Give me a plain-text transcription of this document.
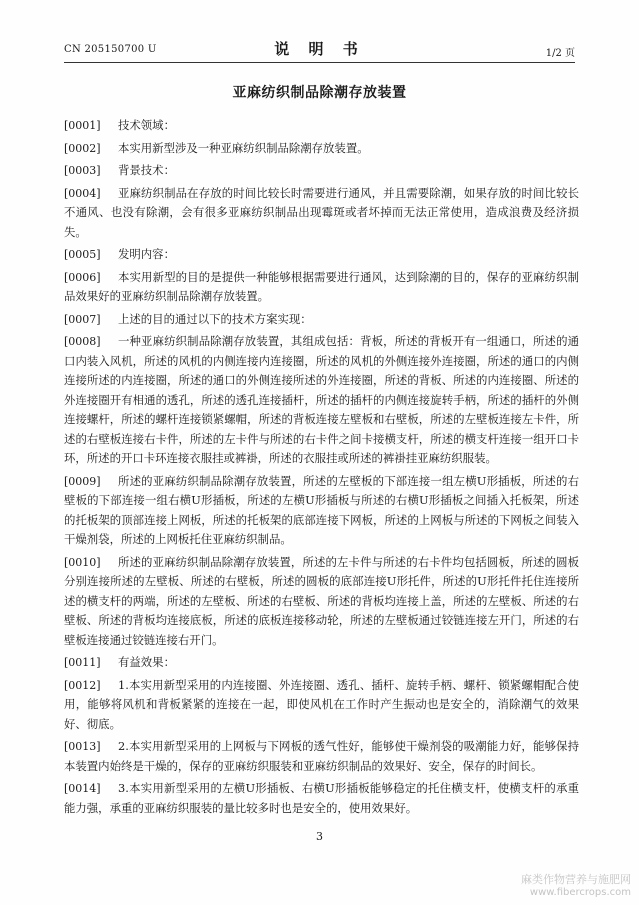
CN 205150700 U	说 明 书	1/2 页
亚麻纺织制品除潮存放装置

[0001] 技术领域：

[0002] 本实用新型涉及一种亚麻纺织制品除潮存放装置。

[0003] 背景技术：

[0004] 亚麻纺织制品在存放的时间比较长时需要进行通风，并且需要除潮，如果存放的时间比较长不通风、也没有除潮，会有很多亚麻纺织制品出现霉斑或者坏掉而无法正常使用，造成浪费及经济损失。

[0005] 发明内容：

[0006] 本实用新型的目的是提供一种能够根据需要进行通风，达到除潮的目的，保存的亚麻纺织制品效果好的亚麻纺织制品除潮存放装置。

[0007] 上述的目的通过以下的技术方案实现：

[0008] 一种亚麻纺织制品除潮存放装置，其组成包括：背板，所述的背板开有一组通口，所述的通口内装入风机，所述的风机的内侧连接内连接圈，所述的风机的外侧连接外连接圈，所述的通口的内侧连接所述的内连接圈，所述的通口的外侧连接所述的外连接圈，所述的背板、所述的内连接圈、所述的外连接圈开有相通的透孔，所述的透孔连接插杆，所述的插杆的内侧连接旋转手柄，所述的插杆的外侧连接螺杆，所述的螺杆连接锁紧螺帽，所述的背板连接左壁板和右壁板，所述的左壁板连接左卡件，所述的右壁板连接右卡件，所述的左卡件与所述的右卡件之间卡接横支杆，所述的横支杆连接一组开口卡环，所述的开口卡环连接衣服挂或裤褂，所述的衣服挂或所述的裤褂挂亚麻纺织服装。

[0009] 所述的亚麻纺织制品除潮存放装置，所述的左壁板的下部连接一组左横U形插板，所述的右壁板的下部连接一组右横U形插板，所述的左横U形插板与所述的右横U形插板之间插入托板架，所述的托板架的顶部连接上网板，所述的托板架的底部连接下网板，所述的上网板与所述的下网板之间装入干燥剂袋，所述的上网板托住亚麻纺织制品。

[0010] 所述的亚麻纺织制品除潮存放装置，所述的左卡件与所述的右卡件均包括圆板，所述的圆板分别连接所述的左壁板、所述的右壁板，所述的圆板的底部连接U形托件，所述的U形托件托住连接所述的横支杆的两端，所述的左壁板、所述的右壁板、所述的背板均连接上盖，所述的左壁板、所述的右壁板、所述的背板均连接底板，所述的底板连接移动轮，所述的左壁板通过铰链连接左开门，所述的右壁板连接通过铰链连接右开门。

[0011] 有益效果：

[0012] 1.本实用新型采用的内连接圈、外连接圈、透孔、插杆、旋转手柄、螺杆、锁紧螺帽配合使用，能够将风机和背板紧紧的连接在一起，即使风机在工作时产生振动也是安全的，消除潮气的效果好、彻底。

[0013] 2.本实用新型采用的上网板与下网板的透气性好，能够使干燥剂袋的吸潮能力好，能够保持本装置内始终是干燥的，保存的亚麻纺织服装和亚麻纺织制品的效果好、安全，保存的时间长。

[0014] 3.本实用新型采用的左横U形插板、右横U形插板能够稳定的托住横支杆，使横支杆的承重能力强，承重的亚麻纺织服装的量比较多时也是安全的，使用效果好。

3
麻类作物营养与施肥网
www.fibercrops.com
